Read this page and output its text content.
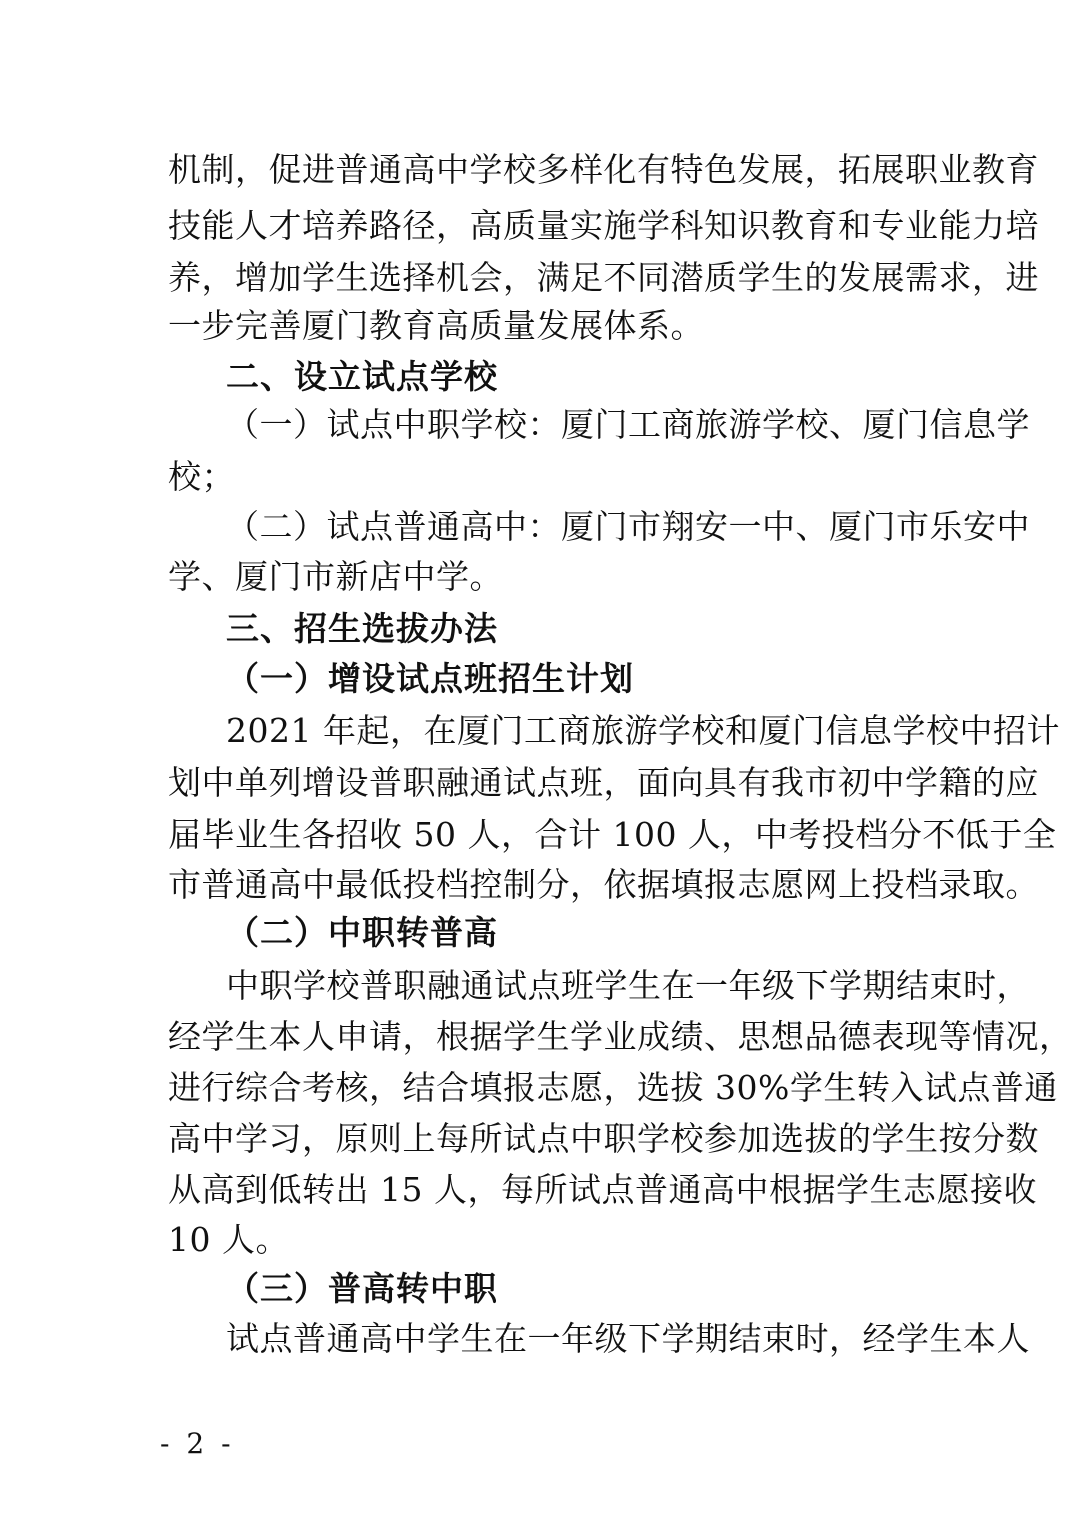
机制，促进普通高中学校多样化有特色发展，拓展职业教育
技能人才培养路径，高质量实施学科知识教育和专业能力培
养，增加学生选择机会，满足不同潜质学生的发展需求，进
一步完善厦门教育高质量发展体系。
二、设立试点学校
（一）试点中职学校：厦门工商旅游学校、厦门信息学
校；
（二）试点普通高中：厦门市翔安一中、厦门市乐安中
学、厦门市新店中学。
三、招生选拔办法
（一）增设试点班招生计划
2021 年起，在厦门工商旅游学校和厦门信息学校中招计
划中单列增设普职融通试点班，面向具有我市初中学籍的应
届毕业生各招收 50 人，合计 100 人，中考投档分不低于全
市普通高中最低投档控制分，依据填报志愿网上投档录取。
（二）中职转普高
中职学校普职融通试点班学生在一年级下学期结束时，
经学生本人申请，根据学生学业成绩、思想品德表现等情况，
进行综合考核，结合填报志愿，选拔 30%学生转入试点普通
高中学习，原则上每所试点中职学校参加选拔的学生按分数
从高到低转出 15 人，每所试点普通高中根据学生志愿接收
10 人。
（三）普高转中职
试点普通高中学生在一年级下学期结束时，经学生本人
- 2 -
